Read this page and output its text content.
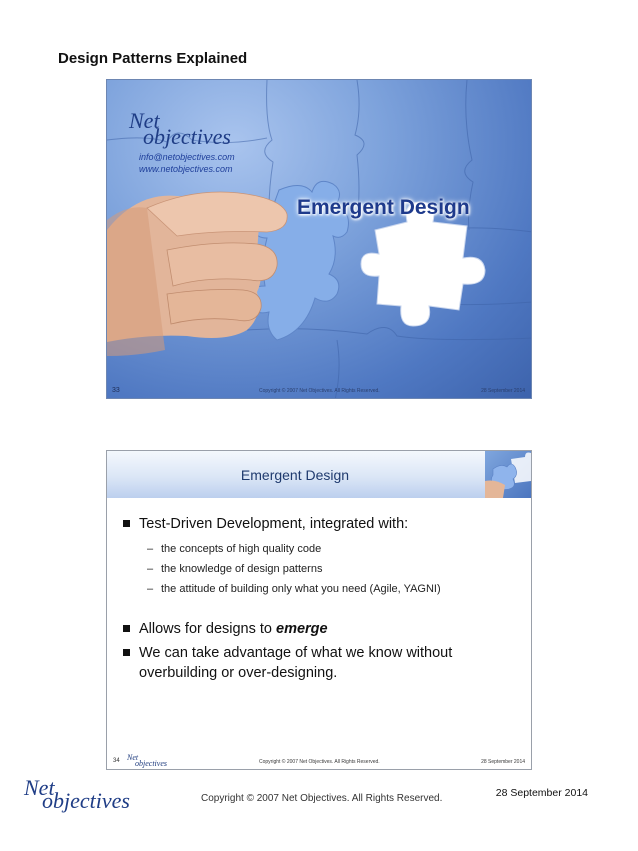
Design Patterns Explained
Net
objectives
info@netobjectives.com
www.netobjectives.com
Emergent Design
33	Copyright © 2007 Net Objectives. All Rights Reserved.	28 September 2014
Emergent Design
Test-Driven Development, integrated with:
– the concepts of high quality code
– the knowledge of design patterns
– the attitude of building only what you need (Agile, YAGNI)
Allows for designs to emerge
We can take advantage of what we know without
overbuilding or over-designing.
34 Net
objectives	Copyright © 2007 Net Objectives. All Rights Reserved.	28 September 2014
Net
objectives	Copyright © 2007 Net Objectives. All Rights Reserved.	28 September 2014
